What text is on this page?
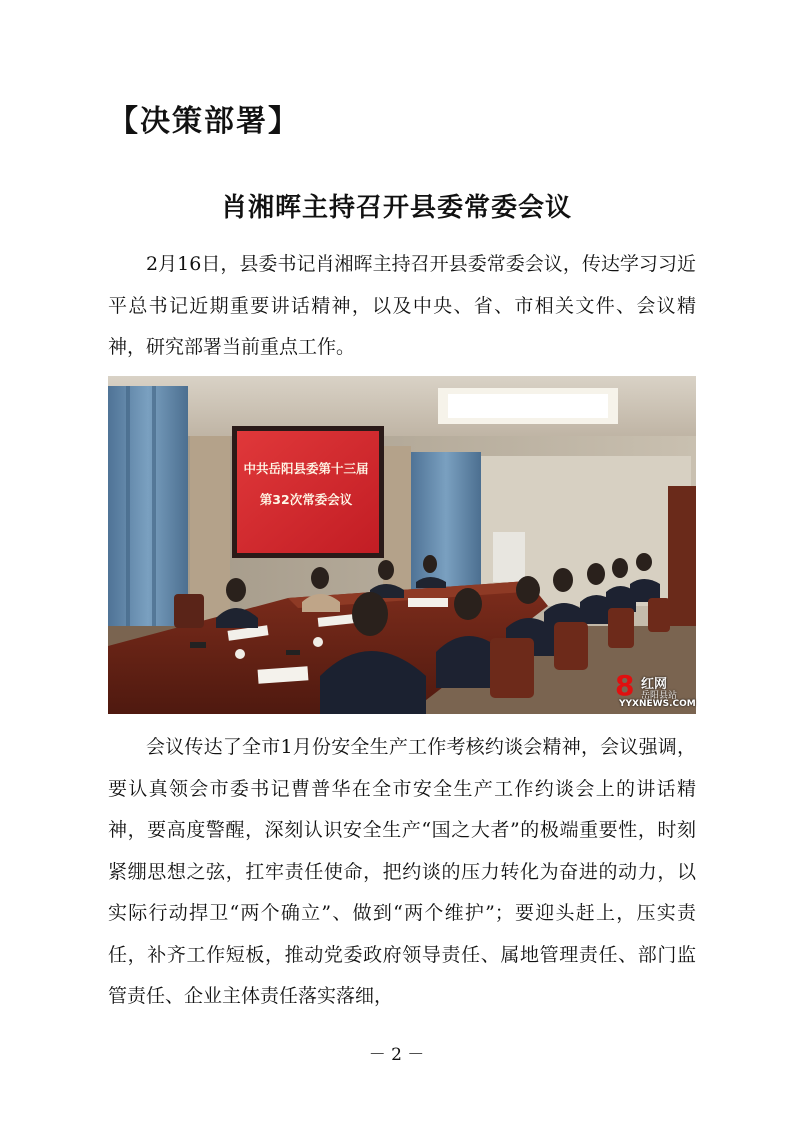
【决策部署】
肖湘晖主持召开县委常委会议

2月16日，县委书记肖湘晖主持召开县委常委会议，传达学习习近平总书记近期重要讲话精神，以及中央、省、市相关文件、会议精神，研究部署当前重点工作。

中共岳阳县委第十三届
第32次常委会议
8 红网
岳阳县站
YYXNEWS.COM

会议传达了全市1月份安全生产工作考核约谈会精神，会议强调，要认真领会市委书记曹普华在全市安全生产工作约谈会上的讲话精神，要高度警醒，深刻认识安全生产“国之大者”的极端重要性，时刻紧绷思想之弦，扛牢责任使命，把约谈的压力转化为奋进的动力，以实际行动捍卫“两个确立”、做到“两个维护”；要迎头赶上，压实责任，补齐工作短板，推动党委政府领导责任、属地管理责任、部门监管责任、企业主体责任落实落细，

－ 2 －
